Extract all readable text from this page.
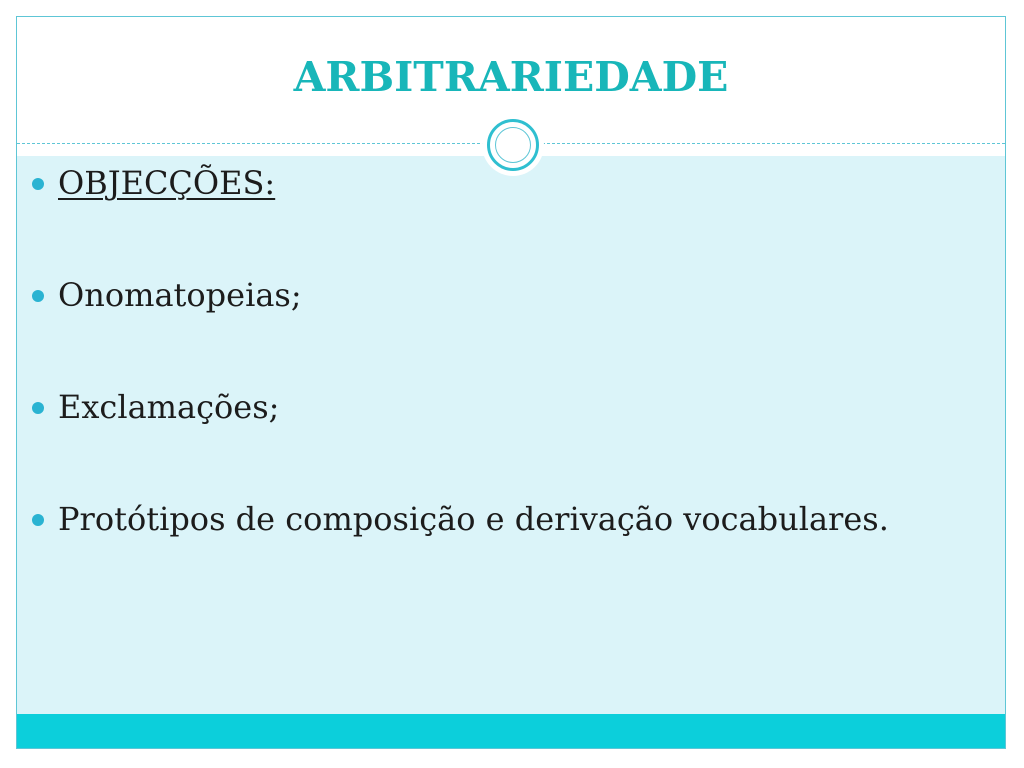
ARBITRARIEDADE
OBJECÇÕES:
Onomatopeias;
Exclamações;
Protótipos de composição e derivação vocabulares.
